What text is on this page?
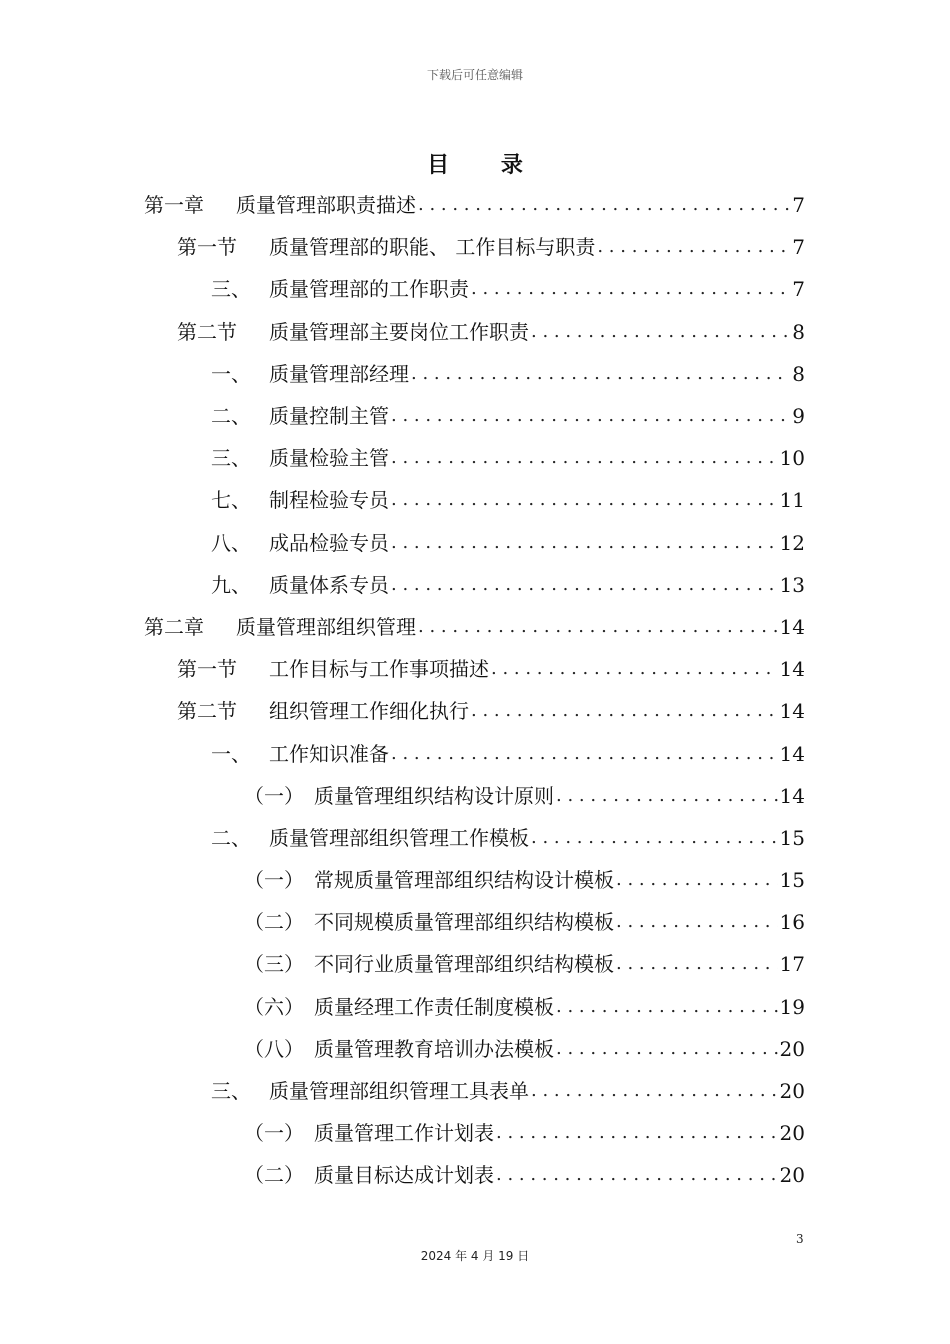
下载后可任意编辑
目 录
第一章	质量管理部职责描述 . . .	7
第一节	质量管理部的职能、 工作目标与职责 . . .	7
三、 质量管理部的工作职责 . . .	7
第二节	质量管理部主要岗位工作职责 . . .	8
一、 质量管理部经理 . . .	8
二、 质量控制主管 . . .	9
三、 质量检验主管 . . .	10
七、 制程检验专员 . . .	11
八、 成品检验专员 . . .	12
九、 质量体系专员 . . .	13
第二章	质量管理部组织管理 . . .	14
第一节	工作目标与工作事项描述 . . .	14
第二节	组织管理工作细化执行 . . .	14
一、 工作知识准备 . . .	14
（一） 质量管理组织结构设计原则 . . .	14
二、 质量管理部组织管理工作模板 . . .	15
（一） 常规质量管理部组织结构设计模板 . . .	15
（二） 不同规模质量管理部组织结构模板 . . .	16
（三） 不同行业质量管理部组织结构模板 . . .	17
（六） 质量经理工作责任制度模板 . . .	19
（八） 质量管理教育培训办法模板 . . .	20
三、 质量管理部组织管理工具表单 . . .	20
（一） 质量管理工作计划表 . . .	20
（二） 质量目标达成计划表 . . .	20
3
2024 年 4 月 19 日
